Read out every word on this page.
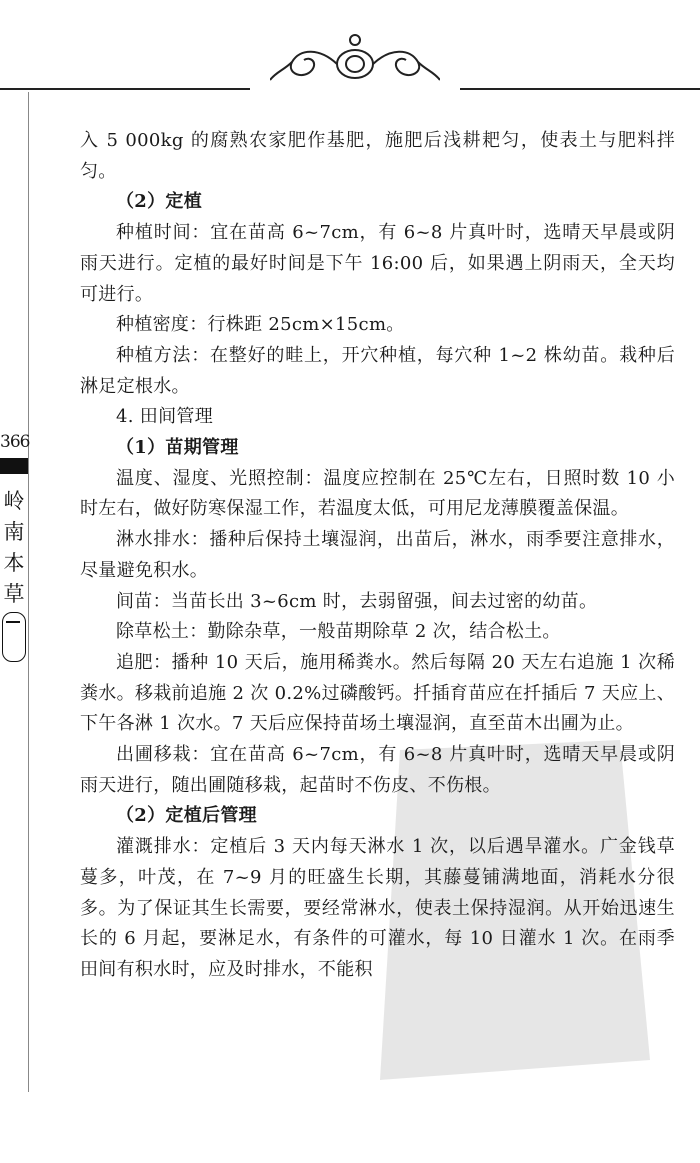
366
岭
南
本
草

入 5 000kg 的腐熟农家肥作基肥，施肥后浅耕耙匀，使表土与肥料拌匀。

（2）定植

种植时间：宜在苗高 6~7cm，有 6~8 片真叶时，选晴天早晨或阴雨天进行。定植的最好时间是下午 16:00 后，如果遇上阴雨天，全天均可进行。

种植密度：行株距 25cm×15cm。

种植方法：在整好的畦上，开穴种植，每穴种 1~2 株幼苗。栽种后淋足定根水。

4. 田间管理

（1）苗期管理

温度、湿度、光照控制：温度应控制在 25℃左右，日照时数 10 小时左右，做好防寒保湿工作，若温度太低，可用尼龙薄膜覆盖保温。

淋水排水：播种后保持土壤湿润，出苗后，淋水，雨季要注意排水，尽量避免积水。

间苗：当苗长出 3~6cm 时，去弱留强，间去过密的幼苗。

除草松土：勤除杂草，一般苗期除草 2 次，结合松土。

追肥：播种 10 天后，施用稀粪水。然后每隔 20 天左右追施 1 次稀粪水。移栽前追施 2 次 0.2%过磷酸钙。扦插育苗应在扦插后 7 天应上、下午各淋 1 次水。7 天后应保持苗场土壤湿润，直至苗木出圃为止。

出圃移栽：宜在苗高 6~7cm，有 6~8 片真叶时，选晴天早晨或阴雨天进行，随出圃随移栽，起苗时不伤皮、不伤根。

（2）定植后管理

灌溉排水：定植后 3 天内每天淋水 1 次，以后遇旱灌水。广金钱草蔓多，叶茂，在 7~9 月的旺盛生长期，其藤蔓铺满地面，消耗水分很多。为了保证其生长需要，要经常淋水，使表土保持湿润。从开始迅速生长的 6 月起，要淋足水，有条件的可灌水，每 10 日灌水 1 次。在雨季田间有积水时，应及时排水，不能积
